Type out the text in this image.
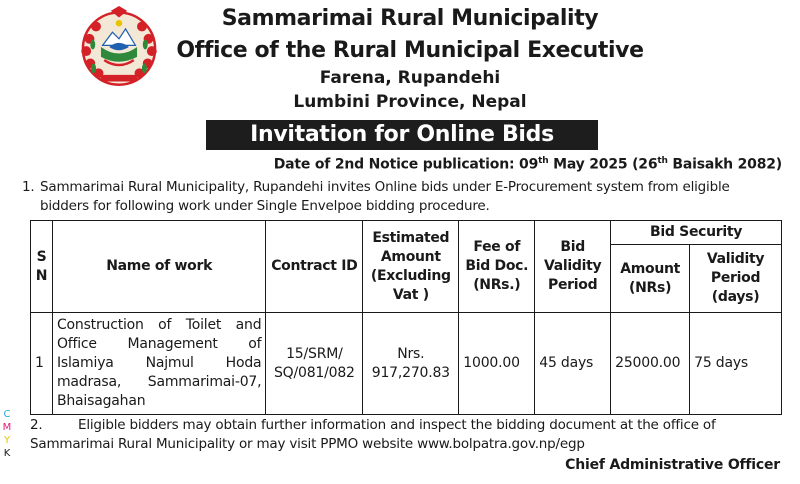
Sammarimai Rural Municipality
Office of the Rural Municipal Executive
Farena, Rupandehi
Lumbini Province, Nepal
Invitation for Online Bids
Date of 2nd Notice publication: 09th May 2025 (26th Baisakh 2082)
1. Sammarimai Rural Municipality, Rupandehi invites Online bids under E-Procurement system from eligible bidders for following work under Single Envelpoe bidding procedure.
S N	Name of work	Contract ID	Estimated Amount (Excluding Vat )	Fee of Bid Doc. (NRs.)	Bid Validity Period	Bid Security	
						Amount (NRs)	Validity Period (days)
1	Construction of Toilet and Office Management of Islamiya Najmul Hoda madrasa, Sammarimai-07, Bhaisagahan	15/SRM/ SQ/081/082	Nrs. 917,270.83	1000.00	45 days	25000.00	75 days
2.	Eligible bidders may obtain further information and inspect the bidding document at the office of Sammarimai Rural Municipality or may visit PPMO website www.bolpatra.gov.np/egp
Chief Administrative Officer
C
M
Y
K
